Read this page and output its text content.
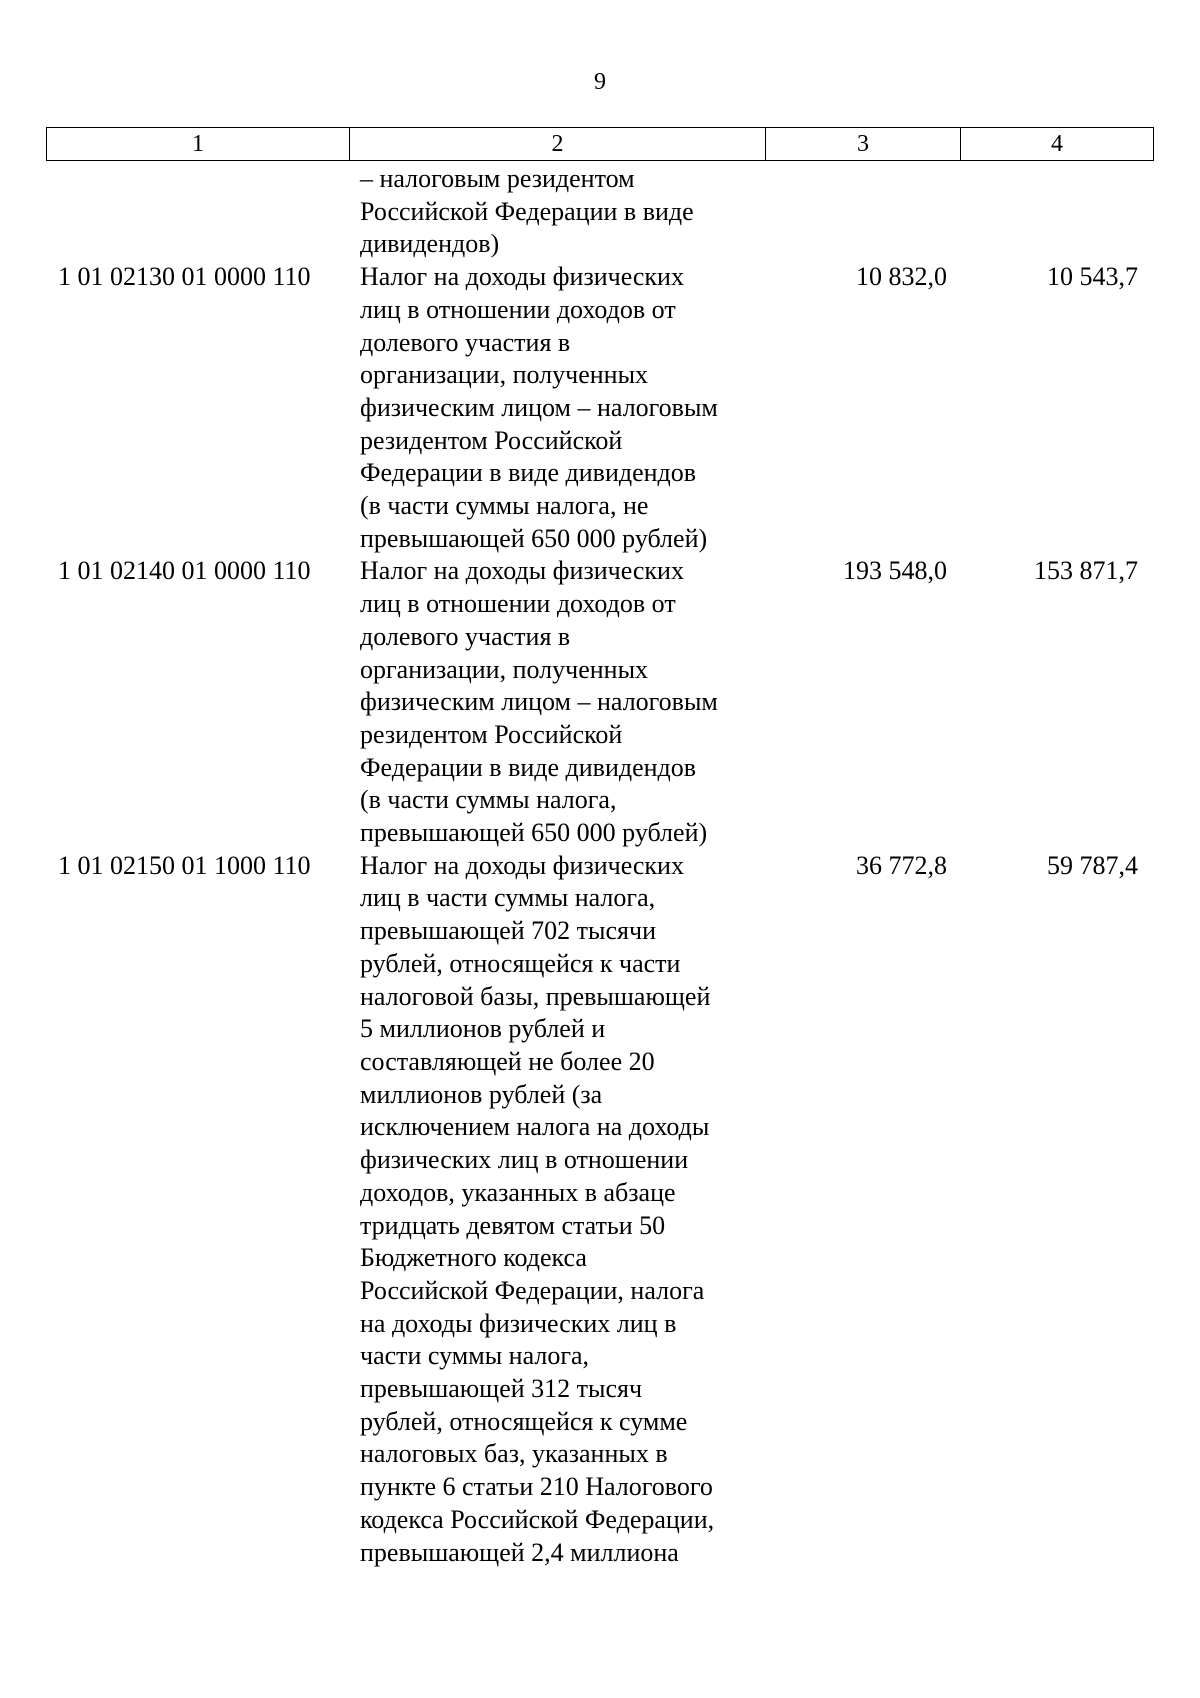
9
1	2	3	4
– налоговым резидентом
Российской Федерации в виде
дивидендов)
1 01 02130 01 0000 110	Налог на доходы физических
лиц в отношении доходов от
долевого участия в
организации, полученных
физическим лицом – налоговым
резидентом Российской
Федерации в виде дивидендов
(в части суммы налога, не
превышающей 650 000 рублей)
10 832,0	10 543,7
1 01 02140 01 0000 110	Налог на доходы физических
лиц в отношении доходов от
долевого участия в
организации, полученных
физическим лицом – налоговым
резидентом Российской
Федерации в виде дивидендов
(в части суммы налога,
превышающей 650 000 рублей)
193 548,0	153 871,7
1 01 02150 01 1000 110	Налог на доходы физических
лиц в части суммы налога,
превышающей 702 тысячи
рублей, относящейся к части
налоговой базы, превышающей
5 миллионов рублей и
составляющей не более 20
миллионов рублей (за
исключением налога на доходы
физических лиц в отношении
доходов, указанных в абзаце
тридцать девятом статьи 50
Бюджетного кодекса
Российской Федерации, налога
на доходы физических лиц в
части суммы налога,
превышающей 312 тысяч
рублей, относящейся к сумме
налоговых баз, указанных в
пункте 6 статьи 210 Налогового
кодекса Российской Федерации,
превышающей 2,4 миллиона
36 772,8	59 787,4
